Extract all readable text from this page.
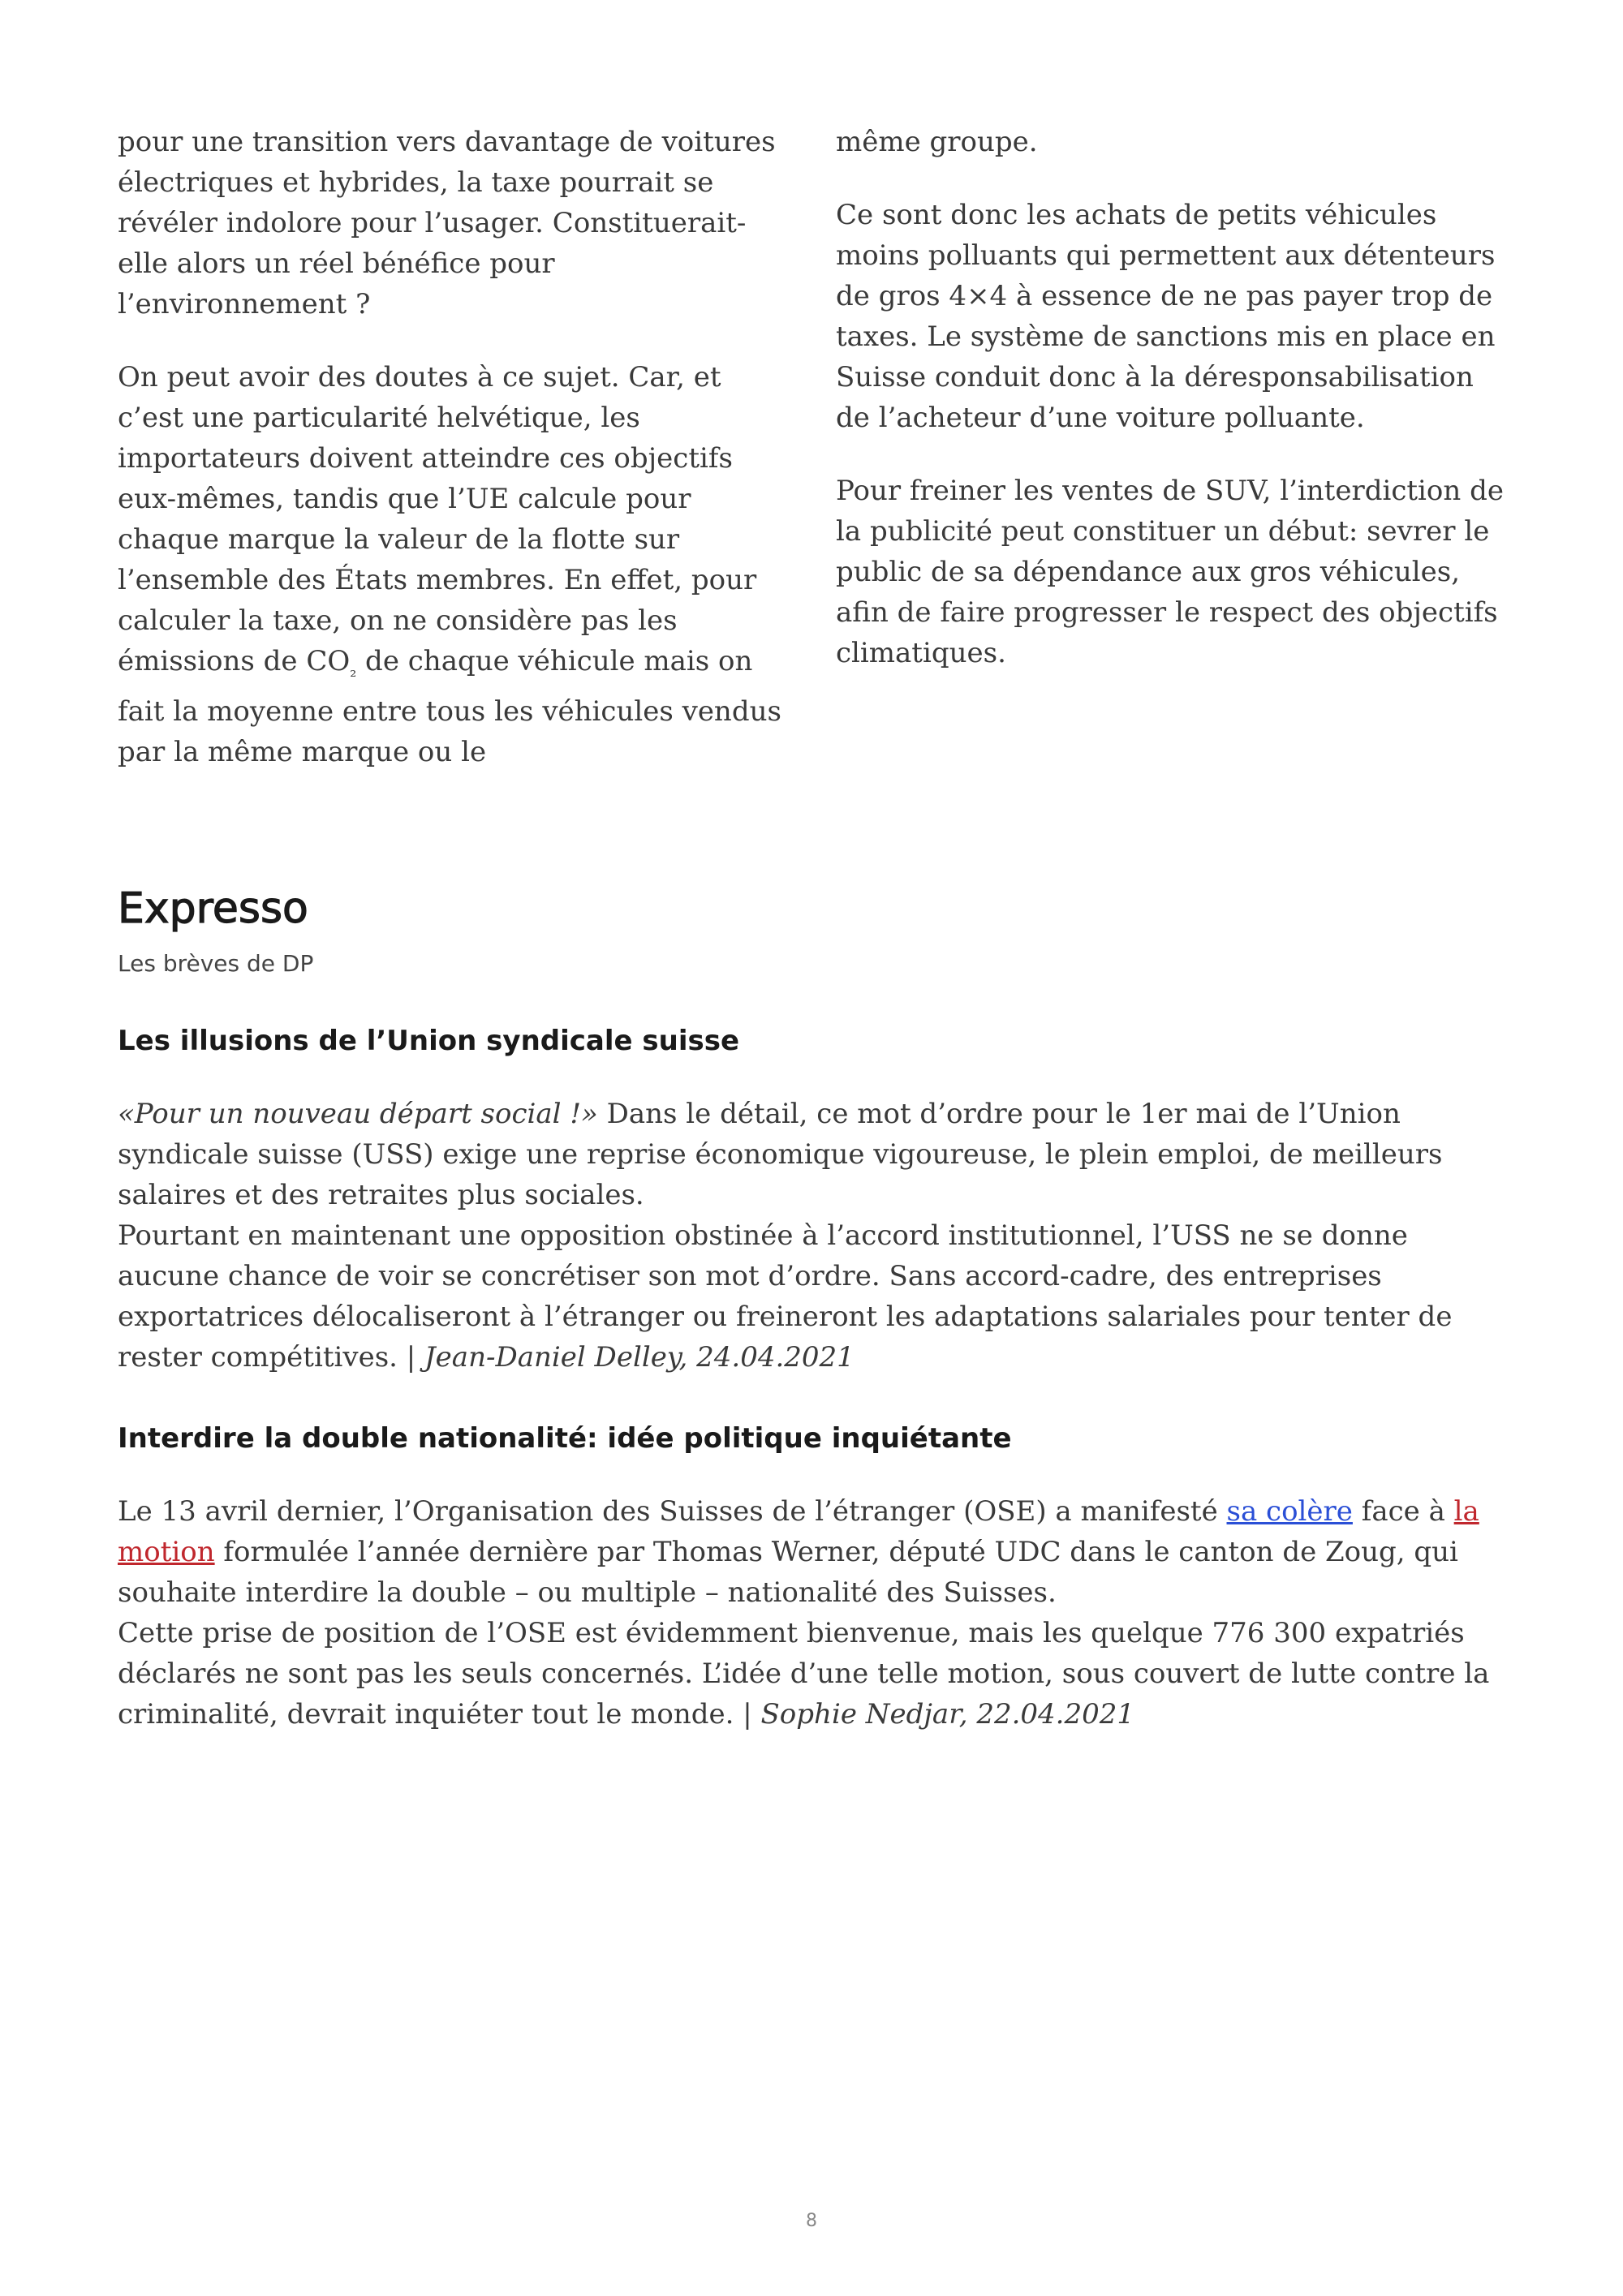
pour une transition vers davantage de voitures électriques et hybrides, la taxe pourrait se révéler indolore pour l’usager. Constituerait-elle alors un réel bénéfice pour l’environnement ?

On peut avoir des doutes à ce sujet. Car, et c’est une particularité helvétique, les importateurs doivent atteindre ces objectifs eux-mêmes, tandis que l’UE calcule pour chaque marque la valeur de la flotte sur l’ensemble des États membres. En effet, pour calculer la taxe, on ne considère pas les émissions de $CO_{_2}$ de chaque véhicule mais on fait la moyenne entre tous les véhicules vendus par la même marque ou le

même groupe.

Ce sont donc les achats de petits véhicules moins polluants qui permettent aux détenteurs de gros 4×4 à essence de ne pas payer trop de taxes. Le système de sanctions mis en place en Suisse conduit donc à la déresponsabilisation de l’acheteur d’une voiture polluante.

Pour freiner les ventes de SUV, l’interdiction de la publicité peut constituer un début: sevrer le public de sa dépendance aux gros véhicules, afin de faire progresser le respect des objectifs climatiques.

Expresso
Les brèves de DP
Les illusions de l’Union syndicale suisse
«Pour un nouveau départ social !» Dans le détail, ce mot d’ordre pour le 1er mai de l’Union syndicale suisse (USS) exige une reprise économique vigoureuse, le plein emploi, de meilleurs salaires et des retraites plus sociales.
Pourtant en maintenant une opposition obstinée à l’accord institutionnel, l’USS ne se donne aucune chance de voir se concrétiser son mot d’ordre. Sans accord-cadre, des entreprises exportatrices délocaliseront à l’étranger ou freineront les adaptations salariales pour tenter de rester compétitives. | Jean-Daniel Delley, 24.04.2021
Interdire la double nationalité: idée politique inquiétante
Le 13 avril dernier, l’Organisation des Suisses de l’étranger (OSE) a manifesté sa colère face à la motion formulée l’année dernière par Thomas Werner, député UDC dans le canton de Zoug, qui souhaite interdire la double – ou multiple – nationalité des Suisses.
Cette prise de position de l’OSE est évidemment bienvenue, mais les quelque 776 300 expatriés déclarés ne sont pas les seuls concernés. L’idée d’une telle motion, sous couvert de lutte contre la criminalité, devrait inquiéter tout le monde. | Sophie Nedjar, 22.04.2021
8
